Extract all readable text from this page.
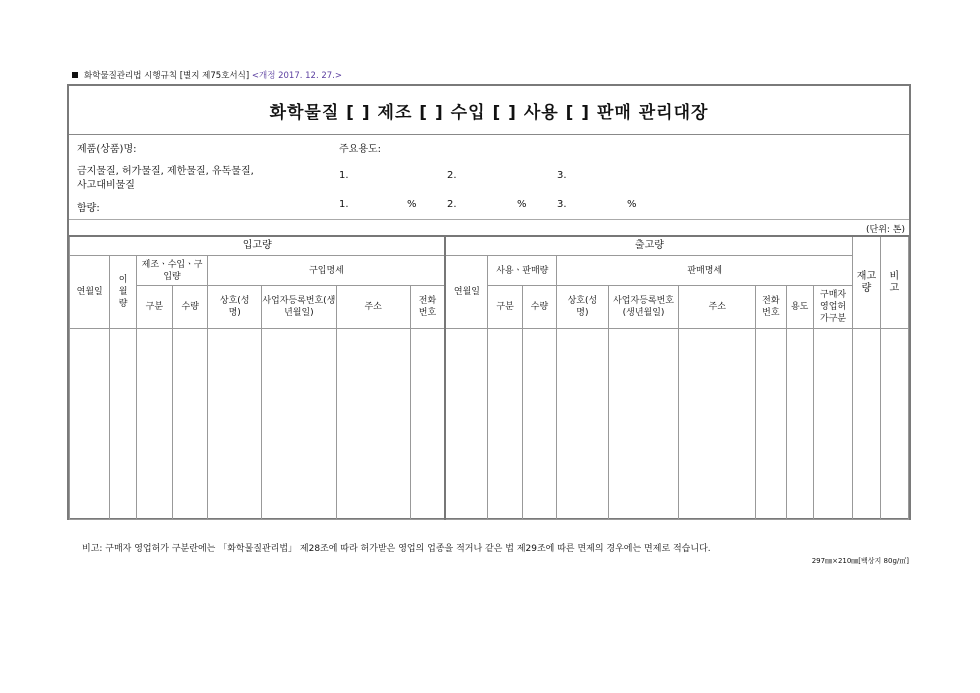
화학물질관리법 시행규칙 [별지 제75호서식] <개정 2017. 12. 27.>
화학물질 [ ] 제조 [ ] 수입 [ ] 사용 [ ] 판매 관리대장
제품(상품)명:	주요용도:
금지물질, 허가물질, 제한물질, 유독물질,
사고대비물질
1.	2.	3.
함량:	1.	%	2.	%	3.	%
(단위: 톤)
입고량								출고량									재고량	비고
연월일	이월량	제조ㆍ수입ㆍ구입량		구입명세				연월일	사용ㆍ판매량		판매명세							
		구분	수량	상호(성명)	사업자등록번호(생년월일)	주소	전화번호		구분	수량	상호(성명)	사업자등록번호(생년월일)	주소	전화번호	용도	구매자영업허가구분		

비고: 구매자 영업허가 구분란에는 「화학물질관리법」 제28조에 따라 허가받은 영업의 업종을 적거나 같은 법 제29조에 따른 면제의 경우에는 면제로 적습니다.
297㎜×210㎜[백상지 80g/㎡]
